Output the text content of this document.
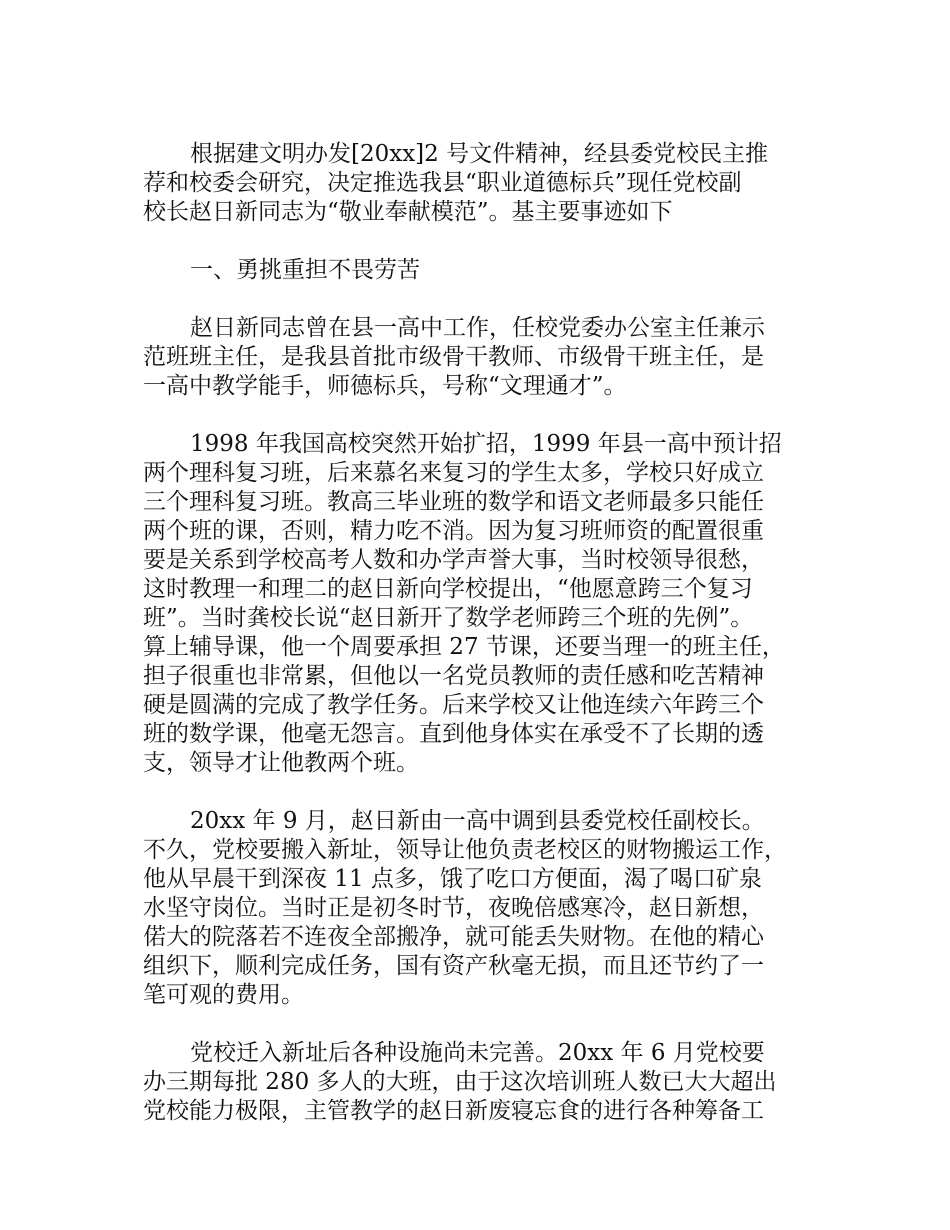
根据建文明办发[20xx]2 号文件精神，经县委党校民主推
荐和校委会研究，决定推选我县“职业道德标兵”现任党校副
校长赵日新同志为“敬业奉献模范”。基主要事迹如下
一、勇挑重担不畏劳苦
赵日新同志曾在县一高中工作，任校党委办公室主任兼示
范班班主任，是我县首批市级骨干教师、市级骨干班主任，是
一高中教学能手，师德标兵，号称“文理通才”。
1998 年我国高校突然开始扩招，1999 年县一高中预计招
两个理科复习班，后来慕名来复习的学生太多，学校只好成立
三个理科复习班。教高三毕业班的数学和语文老师最多只能任
两个班的课，否则，精力吃不消。因为复习班师资的配置很重
要是关系到学校高考人数和办学声誉大事，当时校领导很愁，
这时教理一和理二的赵日新向学校提出，“他愿意跨三个复习
班”。当时龚校长说“赵日新开了数学老师跨三个班的先例”。
算上辅导课，他一个周要承担 27 节课，还要当理一的班主任，
担子很重也非常累，但他以一名党员教师的责任感和吃苦精神
硬是圆满的完成了教学任务。后来学校又让他连续六年跨三个
班的数学课，他毫无怨言。直到他身体实在承受不了长期的透
支，领导才让他教两个班。
20xx 年 9 月，赵日新由一高中调到县委党校任副校长。
不久，党校要搬入新址，领导让他负责老校区的财物搬运工作，
他从早晨干到深夜 11 点多，饿了吃口方便面，渴了喝口矿泉
水坚守岗位。当时正是初冬时节，夜晚倍感寒冷，赵日新想，
偌大的院落若不连夜全部搬净，就可能丢失财物。在他的精心
组织下，顺利完成任务，国有资产秋毫无损，而且还节约了一
笔可观的费用。
党校迁入新址后各种设施尚未完善。20xx 年 6 月党校要
办三期每批 280 多人的大班，由于这次培训班人数已大大超出
党校能力极限，主管教学的赵日新废寝忘食的进行各种筹备工
